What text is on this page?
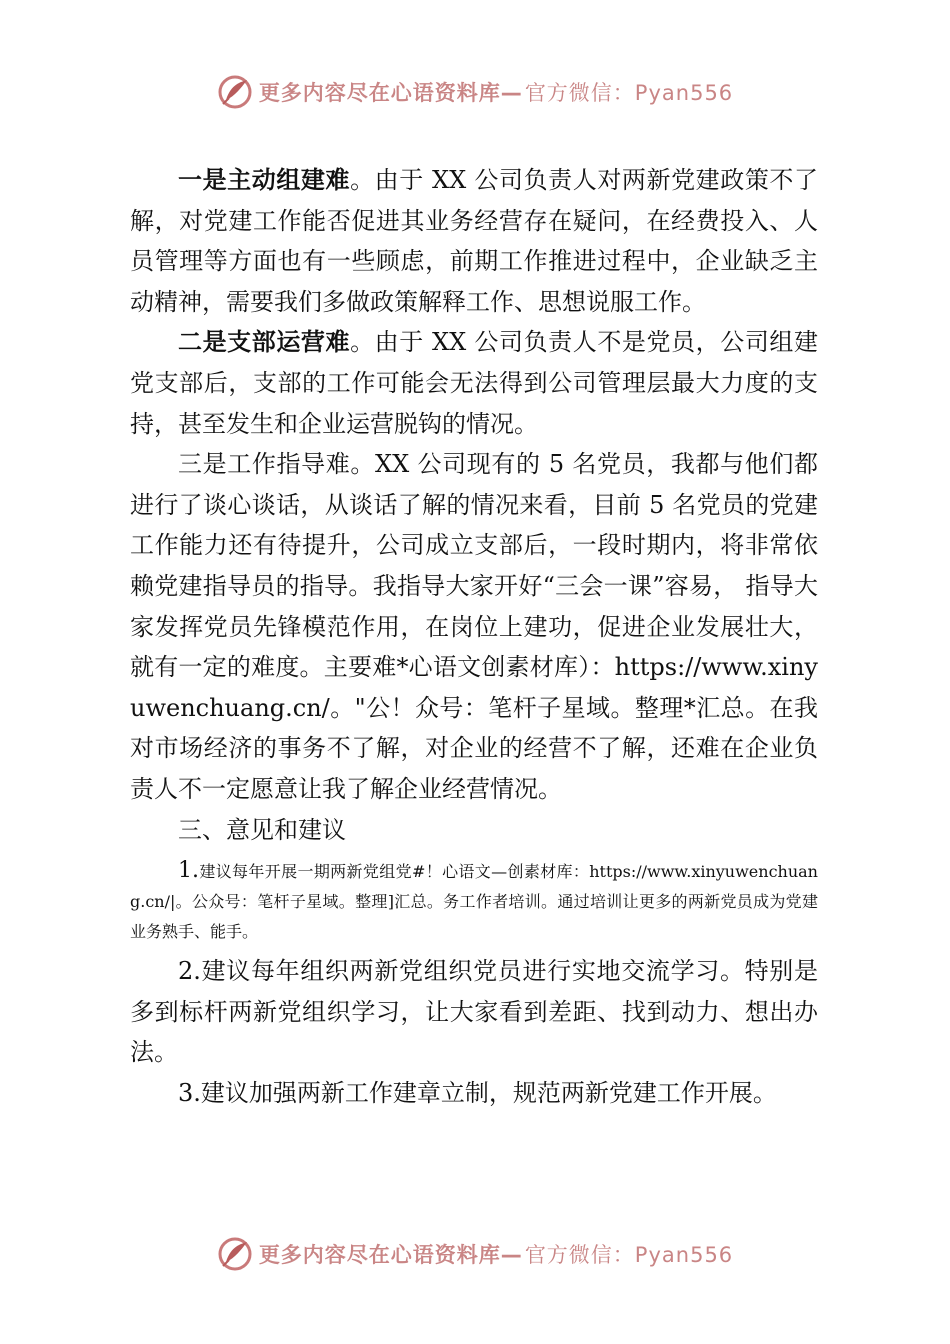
更多内容尽在心语资料库— 官方微信：Pyan556

一是主动组建难。由于 XX 公司负责人对两新党建政策不了解，对党建工作能否促进其业务经营存在疑问，在经费投入、人员管理等方面也有一些顾虑，前期工作推进过程中，企业缺乏主动精神，需要我们多做政策解释工作、思想说服工作。

二是支部运营难。由于 XX 公司负责人不是党员，公司组建党支部后，支部的工作可能会无法得到公司管理层最大力度的支持，甚至发生和企业运营脱钩的情况。

三是工作指导难。XX 公司现有的 5 名党员，我都与他们都进行了谈心谈话，从谈话了解的情况来看，目前 5 名党员的党建工作能力还有待提升，公司成立支部后，一段时期内，将非常依赖党建指导员的指导。我指导大家开好“三会一课”容易， 指导大家发挥党员先锋模范作用，在岗位上建功，促进企业发展壮大，就有一定的难度。主要难*心语文创素材库）：https://www.xinyuwenchuang.cn/。"公！众号：笔杆子星域。整理*汇总。在我对市场经济的事务不了解，对企业的经营不了解，还难在企业负责人不一定愿意让我了解企业经营情况。

三、意见和建议

1.建议每年开展一期两新党组党#！心语文—创素材库：https://www.xinyuwenchuang.cn/|。公众号：笔杆子星域。整理]汇总。务工作者培训。通过培训让更多的两新党员成为党建业务熟手、能手。

2.建议每年组织两新党组织党员进行实地交流学习。特别是多到标杆两新党组织学习，让大家看到差距、找到动力、想出办法。

3.建议加强两新工作建章立制，规范两新党建工作开展。

更多内容尽在心语资料库— 官方微信：Pyan556
